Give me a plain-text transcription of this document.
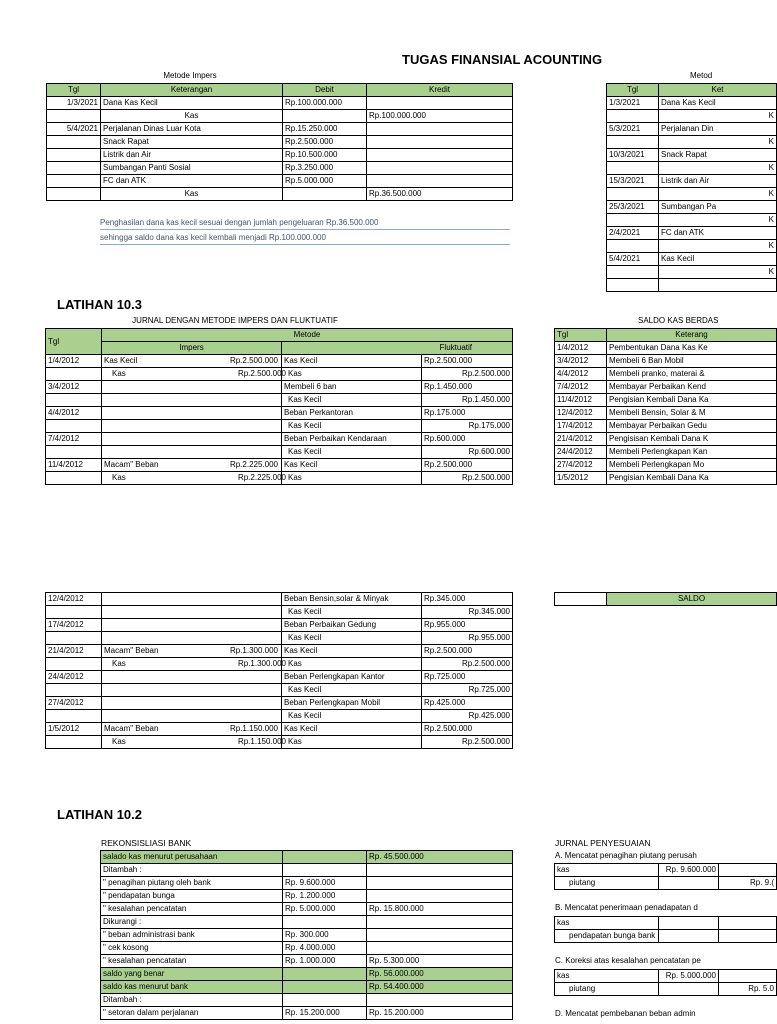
TUGAS FINANSIAL ACOUNTING
Metode Impers
Tgl	Keterangan	Debit	Kredit
1/3/2021	Dana Kas Kecil	Rp.100.000.000	
	Kas		Rp.100.000.000
5/4/2021	Perjalanan Dinas Luar Kota	Rp.15.250.000	
	Snack Rapat	Rp.2.500.000	
	Listrik dan Air	Rp.10.500.000	
	Sumbangan Panti Sosial	Rp.3.250.000	
	FC dan ATK	Rp.5.000.000	
	Kas		Rp.36.500.000
Penghasilan dana kas kecil sesuai dengan jumlah pengeluaran Rp.36.500.000
sehingga saldo dana kas kecil kembali menjadi Rp.100.000.000
Metod
Tgl	Ket
1/3/2021	Dana Kas Kecil
	K
5/3/2021	Perjalanan Din
	K
10/3/2021	Snack Rapat
	K
15/3/2021	Listrik dan Air
	K
25/3/2021	Sumbangan Pa
	K
2/4/2021	FC dan ATK
	K
5/4/2021	Kas Kecil
	K

LATIHAN 10.3
JURNAL DENGAN METODE IMPERS DAN FLUKTUATIF
Tgl	Metode		
	Impers	Fluktuatif	
1/4/2012	Kas Kecil Rp.2.500.000	Kas Kecil	Rp.2.500.000
	Kas Rp.2.500.000	Kas	Rp.2.500.000
3/4/2012		Membeli 6 ban	Rp.1.450.000
		Kas Kecil	Rp.1.450.000
4/4/2012		Beban Perkantoran	Rp.175.000
		Kas Kecil	Rp.175.000
7/4/2012		Beban Perbaikan Kendaraan	Rp.600.000
		Kas Kecil	Rp.600.000
11/4/2012	Macam" Beban Rp.2.225.000	Kas Kecil	Rp.2.500.000
	Kas Rp.2.225.000	Kas	Rp.2.500.000
SALDO KAS BERDAS
Tgl	Keterang
1/4/2012	Pembentukan Dana Kas Ke
3/4/2012	Membeli 6 Ban Mobil
4/4/2012	Membeli pranko, materai &
7/4/2012	Membayar Perbaikan Kend
11/4/2012	Pengisian Kembali Dana Ka
12/4/2012	Membeli Bensin, Solar & M
17/4/2012	Membayar Perbaikan Gedu
21/4/2012	Pengisisan Kembali Dana K
24/4/2012	Membeli Perlengkapan Kan
27/4/2012	Membeli Perlengkapan Mo
1/5/2012	Pengisian Kembali Dana Ka
12/4/2012		Beban Bensin,solar & Minyak	Rp.345.000
		Kas Kecil	Rp.345.000
17/4/2012		Beban Perbaikan Gedung	Rp.955.000
		Kas Kecil	Rp.955.000
21/4/2012	Macam" Beban Rp.1.300.000	Kas Kecil	Rp.2.500.000
	Kas Rp.1.300.000	Kas	Rp.2.500.000
24/4/2012		Beban Perlengkapan Kantor	Rp.725.000
		Kas Kecil	Rp.725.000
27/4/2012		Beban Perlengkapan Mobil	Rp.425.000
		Kas Kecil	Rp.425.000
1/5/2012	Macam" Beban Rp.1.150.000	Kas Kecil	Rp.2.500.000
	Kas Rp.1.150.000	Kas	Rp.2.500.000
	SALDO
LATIHAN 10.2
REKONSISLIASI BANK
salado kas menurut perusahaan		Rp. 45.500.000
Ditambah :		
" penagihan piutang oleh bank	Rp. 9.600.000	
" pendapatan bunga	Rp. 1.200.000	
" kesalahan pencatatan	Rp. 5.000.000	Rp. 15.800.000
Dikurangi :		
" beban administrasi bank	Rp. 300.000	
" cek kosong	Rp. 4.000.000	
" kesalahan pencatatan	Rp. 1.000.000	Rp. 5.300.000
saldo yang benar		Rp. 56.000.000
saldo kas menurut bank		Rp. 54.400.000
Ditambah :		
" setoran dalam perjalanan	Rp. 15.200.000	Rp. 15.200.000
JURNAL PENYESUAIAN
A. Mencatat penagihan piutang perusah
kas	Rp. 9.600.000	
piutang		Rp. 9.(
B. Mencatat penerimaan penadapatan d
kas		
pendapatan bunga bank		
C. Koreksi atas kesalahan pencatatan pe
kas	Rp. 5.000.000	
piutang		Rp. 5.0
D. Mencatat pembebanan beban admin
